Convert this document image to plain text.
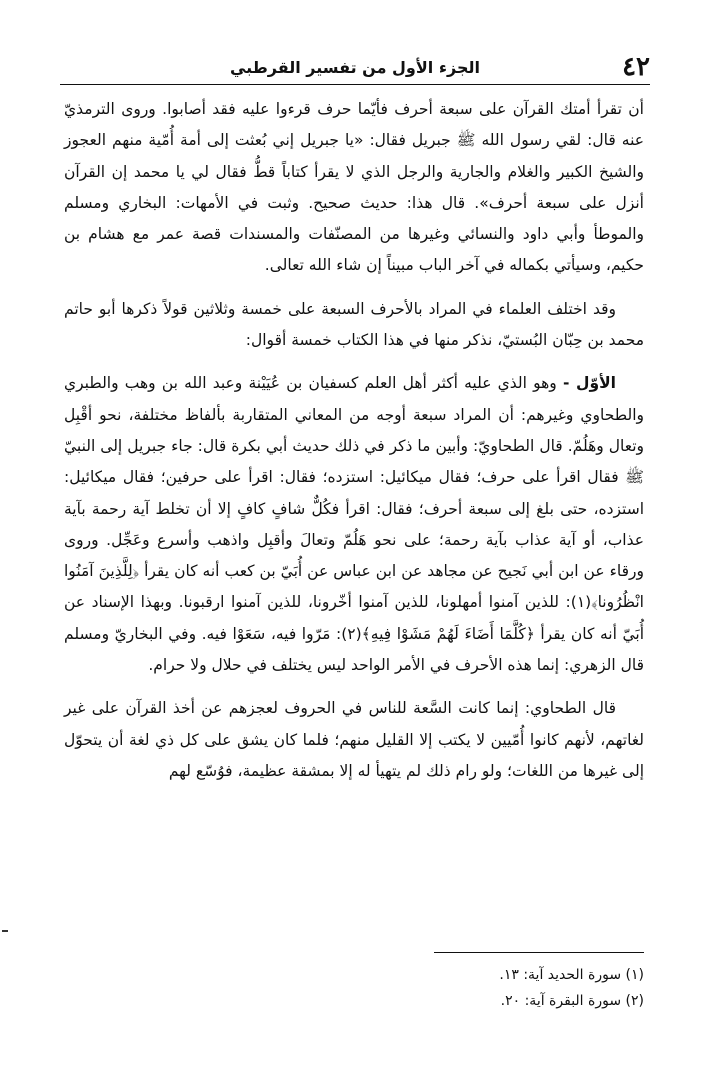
٤٢
الجزء الأول من تفسير القرطبي

أن تقرأ أمتك القرآن على سبعة أحرف فأيّما حرف قرءوا عليه فقد أصابوا. وروى الترمذيّ عنه قال: لقي رسول الله ﷺ جبريل فقال: «يا جبريل إني بُعثت إلى أمة أُمّية منهم العجوز والشيخ الكبير والغلام والجارية والرجل الذي لا يقرأ كتاباً قطُّ فقال لي يا محمد إن القرآن أنزل على سبعة أحرف». قال هذا: حديث صحيح. وثبت في الأمهات: البخاري ومسلم والموطأ وأبي داود والنسائي وغيرها من المصنّفات والمسندات قصة عمر مع هشام بن حكيم، وسيأتي بكماله في آخر الباب مبيناً إن شاء الله تعالى.

وقد اختلف العلماء في المراد بالأحرف السبعة على خمسة وثلاثين قولاً ذكرها أبو حاتم محمد بن حِبّان البُستيّ، نذكر منها في هذا الكتاب خمسة أقوال:

الأوّل - وهو الذي عليه أكثر أهل العلم كسفيان بن عُيَيْنة وعبد الله بن وهب والطبري والطحاوي وغيرهم: أن المراد سبعة أوجه من المعاني المتقاربة بألفاظ مختلفة، نحو أقْبِل وتعال وهَلُمّ. قال الطحاويّ: وأبين ما ذكر في ذلك حديث أبي بكرة قال: جاء جبريل إلى النبيّ ﷺ فقال اقرأ على حرف؛ فقال ميكائيل: استزده؛ فقال: اقرأ على حرفين؛ فقال ميكائيل: استزده، حتى بلغ إلى سبعة أحرف؛ فقال: اقرأ فكُلٌّ شافٍ كافٍ إلا أن تخلط آية رحمة بآية عذاب، أو آية عذاب بآية رحمة؛ على نحو هَلُمّ وتعالَ وأقبِل واذهب وأسرع وعَجِّل. وروى ورقاء عن ابن أبي نَجيح عن مجاهد عن ابن عباس عن أُبَيّ بن كعب أنه كان يقرأ ﴿لِلَّذِينَ آمَنُوا انْظُرُونا﴾(١): للذين آمنوا أمهلونا، للذين آمنوا أخّرونا، للذين آمنوا ارقبونا. وبهذا الإسناد عن أُبَيّ أنه كان يقرأ ﴿كُلَّمَا أَضَاءَ لَهُمْ مَشَوْا فِيهِ﴾(٢): مَرّوا فيه، سَعَوْا فيه. وفي البخاريّ ومسلم قال الزهري: إنما هذه الأحرف في الأمر الواحد ليس يختلف في حلال ولا حرام.

قال الطحاوي: إنما كانت السَّعة للناس في الحروف لعجزهم عن أخذ القرآن على غير لغاتهم، لأنهم كانوا أُمّيين لا يكتب إلا القليل منهم؛ فلما كان يشق على كل ذي لغة أن يتحوّل إلى غيرها من اللغات؛ ولو رام ذلك لم يتهيأ له إلا بمشقة عظيمة، فوُسّع لهم

(١) سورة الحديد آية: ١٣.
(٢) سورة البقرة آية: ٢٠.
